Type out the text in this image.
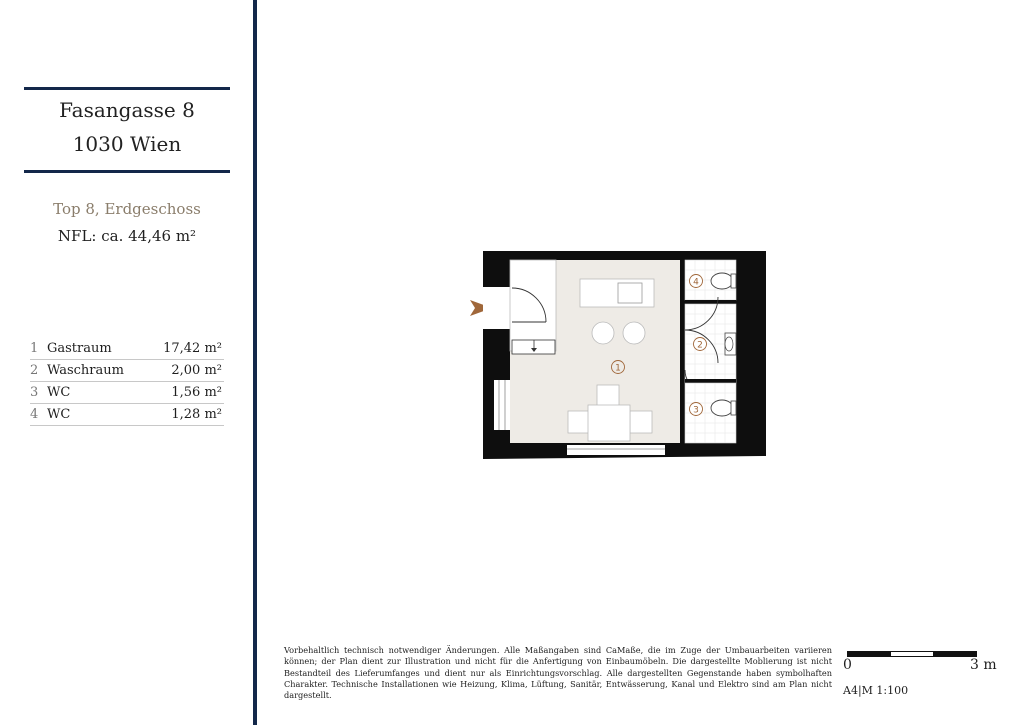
Fasangasse 8
1030 Wien
Top 8, Erdgeschoss
NFL: ca. 44,46 m²
1 Gastraum	17,42 m²
2 Waschraum	2,00 m²
3 WC	1,56 m²
4 WC	1,28 m²
1
2
3
4
Vorbehaltlich technisch notwendiger Änderungen. Alle Maßangaben sind CaMaße, die im Zuge der Umbauarbeiten variieren können; der Plan dient zur Illustration und nicht für die Anfertigung von Einbaumöbeln. Die dargestellte Moblierung ist nicht Bestandteil des Lieferumfanges und dient nur als Einrichtungsvorschlag. Alle dargestellten Gegenstande haben symbolhaften Charakter. Technische Installationen wie Heizung, Klima, Lüftung, Sanitär, Entwässerung, Kanal und Elektro sind am Plan nicht dargestellt.
0	3 m
A4|M 1:100
